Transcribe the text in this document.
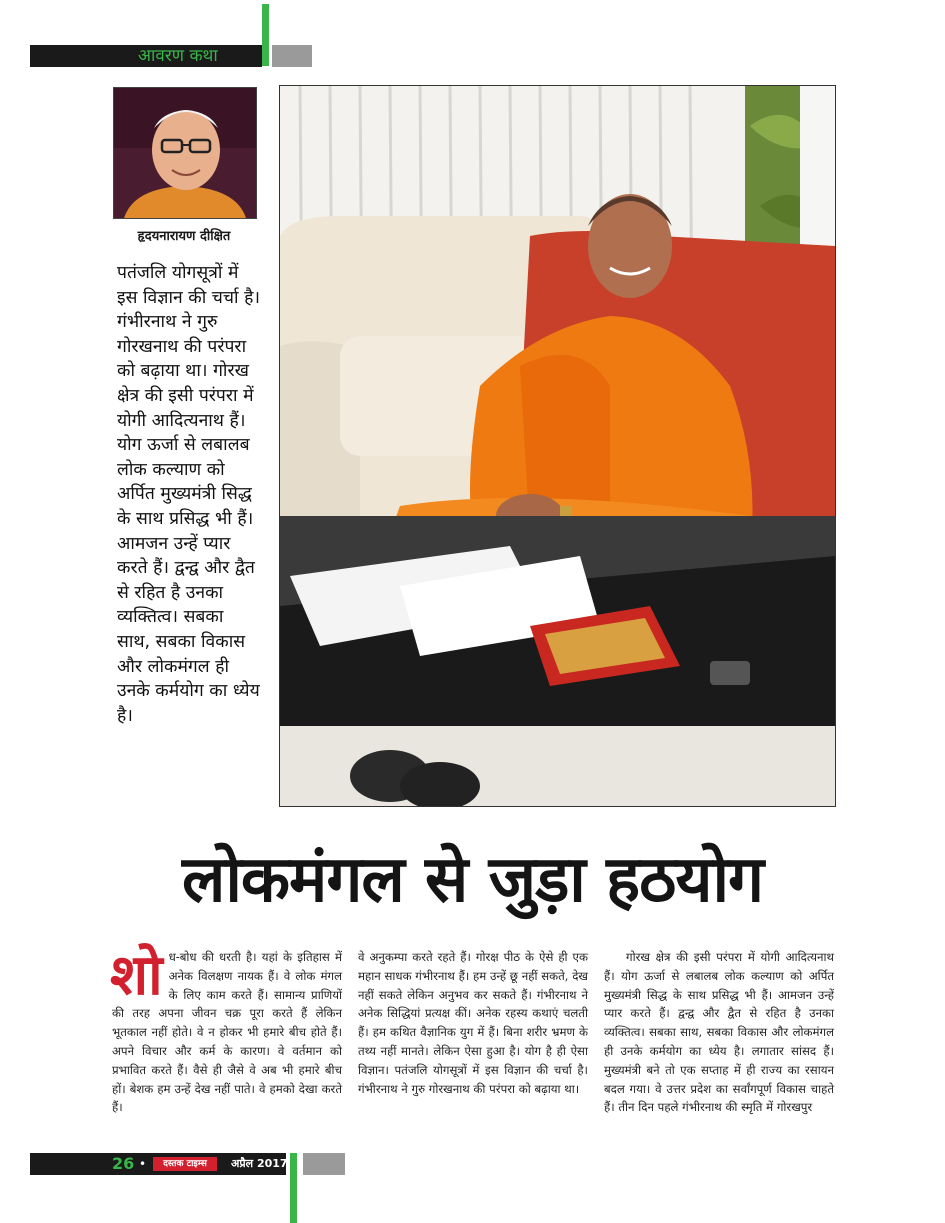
आवरण कथा
हृदयनारायण दीक्षित
पतंजलि योगसूत्रों में इस विज्ञान की चर्चा है। गंभीरनाथ ने गुरु गोरखनाथ की परंपरा को बढ़ाया था। गोरख क्षेत्र की इसी परंपरा में योगी आदित्यनाथ हैं। योग ऊर्जा से लबालब लोक कल्याण को अर्पित मुख्यमंत्री सिद्ध के साथ प्रसिद्ध भी हैं। आमजन उन्हें प्यार करते हैं। द्वन्द्व और द्वैत से रहित है उनका व्यक्तित्व। सबका साथ, सबका विकास और लोकमंगल ही उनके कर्मयोग का ध्येय है।
लोकमंगल से जुड़ा हठयोग
शोध-बोध की धरती है। यहां के इतिहास में अनेक विलक्षण नायक हैं। वे लोक मंगल के लिए काम करते हैं। सामान्य प्राणियों की तरह अपना जीवन चक्र पूरा करते हैं लेकिन भूतकाल नहीं होते। वे न होकर भी हमारे बीच होते हैं। अपने विचार और कर्म के कारण। वे वर्तमान को प्रभावित करते हैं। वैसे ही जैसे वे अब भी हमारे बीच हों। बेशक हम उन्हें देख नहीं पाते। वे हमको देखा करते हैं।
वे अनुकम्पा करते रहते हैं। गोरक्ष पीठ के ऐसे ही एक महान साधक गंभीरनाथ हैं। हम उन्हें छू नहीं सकते, देख नहीं सकते लेकिन अनुभव कर सकते हैं। गंभीरनाथ ने अनेक सिद्धियां प्रत्यक्ष कीं। अनेक रहस्य कथाएं चलती हैं। हम कथित वैज्ञानिक युग में हैं। बिना शरीर भ्रमण के तथ्य नहीं मानते। लेकिन ऐसा हुआ है। योग है ही ऐसा विज्ञान। पतंजलि योगसूत्रों में इस विज्ञान की चर्चा है। गंभीरनाथ ने गुरु गोरखनाथ की परंपरा को बढ़ाया था।
गोरख क्षेत्र की इसी परंपरा में योगी आदित्यनाथ हैं। योग ऊर्जा से लबालब लोक कल्याण को अर्पित मुख्यमंत्री सिद्ध के साथ प्रसिद्ध भी हैं। आमजन उन्हें प्यार करते हैं। द्वन्द्व और द्वैत से रहित है उनका व्यक्तित्व। सबका साथ, सबका विकास और लोकमंगल ही उनके कर्मयोग का ध्येय है। लगातार सांसद हैं। मुख्यमंत्री बने तो एक सप्ताह में ही राज्य का रसायन बदल गया। वे उत्तर प्रदेश का सर्वांगपूर्ण विकास चाहते हैं। तीन दिन पहले गंभीरनाथ की स्मृति में गोरखपुर
26 •	दस्तक टाइम्स	अप्रैल 2017
